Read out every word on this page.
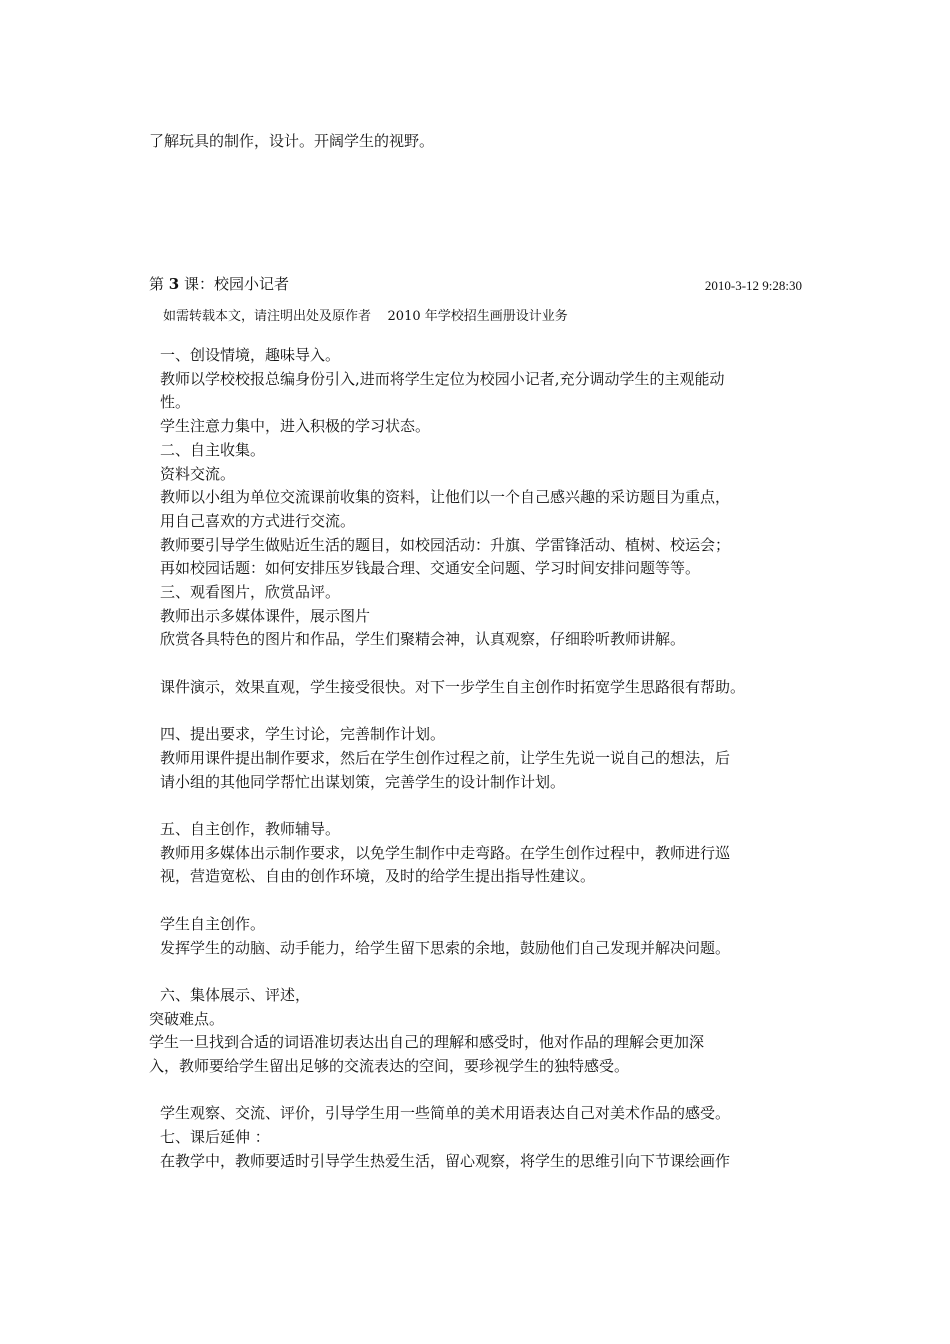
了解玩具的制作，设计。开阔学生的视野。

第 3 课：校园小记者	2010-3-12 9:28:30
如需转载本文，请注明出处及原作者    2010 年学校招生画册设计业务

一、创设情境，趣味导入。

教师以学校校报总编身份引入,进而将学生定位为校园小记者,充分调动学生的主观能动

性。

学生注意力集中，进入积极的学习状态。

二、自主收集。

资料交流。

教师以小组为单位交流课前收集的资料，让他们以一个自己感兴趣的采访题目为重点，

用自己喜欢的方式进行交流。

教师要引导学生做贴近生活的题目，如校园活动：升旗、学雷锋活动、植树、校运会；

再如校园话题：如何安排压岁钱最合理、交通安全问题、学习时间安排问题等等。

三、观看图片，欣赏品评。

教师出示多媒体课件，展示图片

欣赏各具特色的图片和作品，学生们聚精会神，认真观察，仔细聆听教师讲解。

课件演示，效果直观，学生接受很快。对下一步学生自主创作时拓宽学生思路很有帮助。

四、提出要求，学生讨论，完善制作计划。

教师用课件提出制作要求，然后在学生创作过程之前，让学生先说一说自己的想法，后

请小组的其他同学帮忙出谋划策，完善学生的设计制作计划。

五、自主创作，教师辅导。

教师用多媒体出示制作要求，以免学生制作中走弯路。在学生创作过程中，教师进行巡

视，营造宽松、自由的创作环境，及时的给学生提出指导性建议。

学生自主创作。

发挥学生的动脑、动手能力，给学生留下思索的余地，鼓励他们自己发现并解决问题。

六、集体展示、评述，

突破难点。

学生一旦找到合适的词语准切表达出自己的理解和感受时，他对作品的理解会更加深

入，教师要给学生留出足够的交流表达的空间，要珍视学生的独特感受。

学生观察、交流、评价，引导学生用一些简单的美术用语表达自己对美术作品的感受。

七、课后延伸 ：

在教学中，教师要适时引导学生热爱生活，留心观察，将学生的思维引向下节课绘画作
